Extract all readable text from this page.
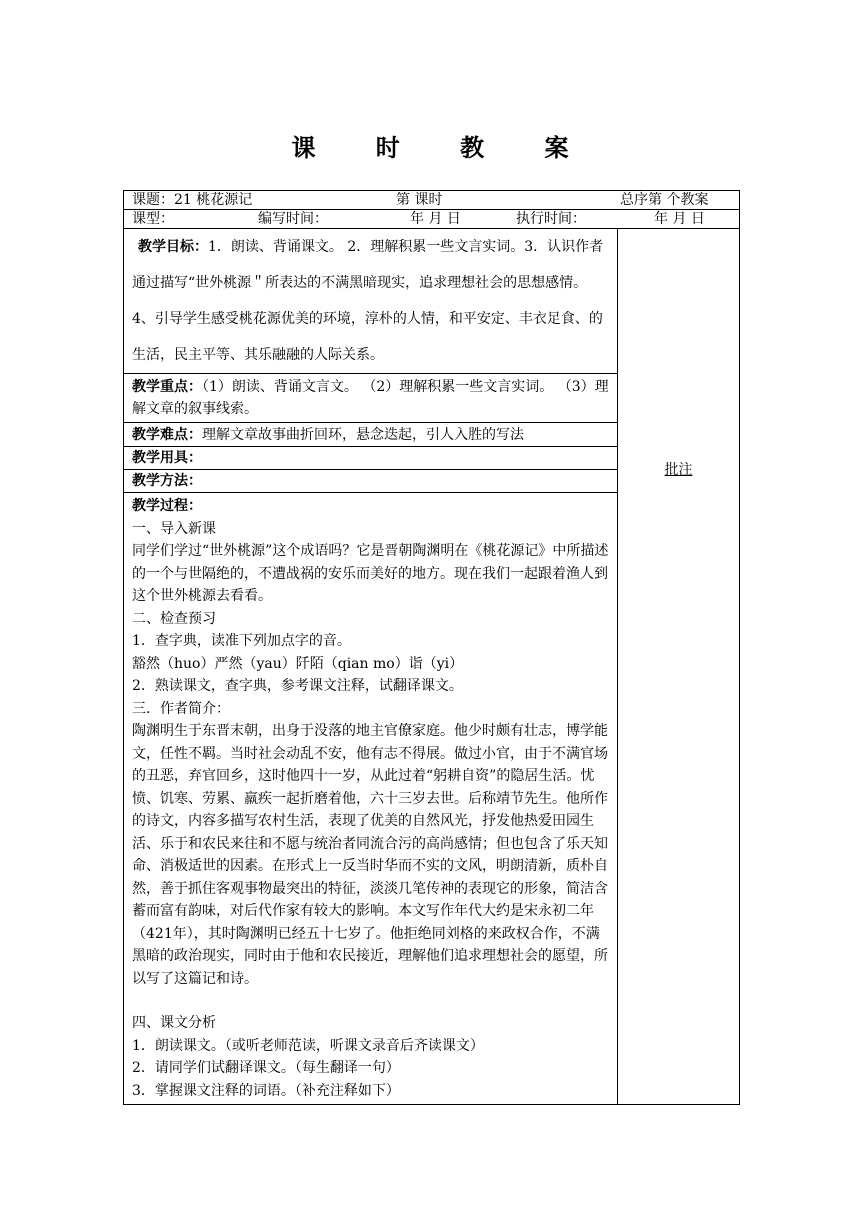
课 时 教 案
课题：21 桃花源记	第 课时	总序第 个教案

课型：	编写时间：	年 月 日	执行时间：	年 月 日

教学目标：1．朗读、背诵课文。 2．理解积累一些文言实词。3．认识作者通过描写“世外桃源＂所表达的不满黑暗现实，追求理想社会的思想感情。4、引导学生感受桃花源优美的环境，淳朴的人情，和平安定、丰衣足食、的生活，民主平等、其乐融融的人际关系。
	批注

教学重点：（1）朗读、背诵文言文。 （2）理解积累一些文言实词。 （3）理解文章的叙事线索。

教学难点：理解文章故事曲折回环，悬念迭起，引人入胜的写法

教学用具：

教学方法：

教学过程：

一、导入新课

同学们学过“世外桃源”这个成语吗？它是晋朝陶渊明在《桃花源记》中所描述的一个与世隔绝的，不遭战祸的安乐而美好的地方。现在我们一起跟着渔人到这个世外桃源去看看。

二、检查预习

1．查字典，读准下列加点字的音。

豁然（huo）严然（yau）阡陌（qian mo）诣（yi）

2．熟读课文，查字典，参考课文注释，试翻译课文。

三．作者简介：

陶渊明生于东晋末朝，出身于没落的地主官僚家庭。他少时颇有壮志，博学能文，任性不羁。当时社会动乱不安，他有志不得展。做过小官，由于不满官场的丑恶，弃官回乡，这时他四十一岁，从此过着“躬耕自资”的隐居生活。忧愤、饥寒、劳累、羸疾一起折磨着他，六十三岁去世。后称靖节先生。他所作的诗文，内容多描写农村生活，表现了优美的自然风光，抒发他热爱田园生活、乐于和农民来往和不愿与统治者同流合污的高尚感情；但也包含了乐天知命、消极适世的因素。在形式上一反当时华而不实的文风，明朗清新，质朴自然，善于抓住客观事物最突出的特征，淡淡几笔传神的表现它的形象，简洁含蓄而富有韵味，对后代作家有较大的影响。本文写作年代大约是宋永初二年（421年），其时陶渊明已经五十七岁了。他拒绝同刘格的来政权合作，不满黑暗的政治现实，同时由于他和农民接近，理解他们追求理想社会的愿望，所以写了这篇记和诗。

四、课文分析

1．朗读课文。（或听老师范读，听课文录音后齐读课文）

2．请同学们试翻译课文。（每生翻译一句）

3．掌握课文注释的词语。（补充注释如下）
